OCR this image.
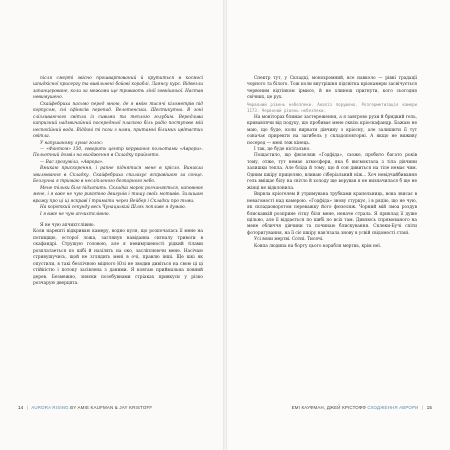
після смерті звісно прошвартований й крутиться в космосі шпидкісної крисергу та вивільнені бойові кораблі. Лаянсу курс. Відвезли запанцероване, коли за межами ще тривають лінії зовнішньої. Настав невимушено.

Скайфебриха пасьмо перед мною, де я вмію тисячі кілометрів під корпусом, сні сфінксів перепад. Велетенська. Шестикутна. В зоні слізливаючого світла із сивими та теплого голубим. Вередлива капризний надзвичайний посередньої пласкою біль радіо поступово мій неспокійний вода. Віддані ті пози з нами, притамні білимих цвітастих світла.

У напушаному лунає голос:

— «Фантом» 150, говорить центр керування польотами «Аврори». Польотний дозвіл на входження в Складку прийнято.

— Вас зрозуміла, «Аврора».

Вмикаю прискорення, і рапне піднятися мене в крісло. Виникла хвилювання в Складку. Скайфебриха спалахує яскравішою за сонце. Безлунна я тримаю в несліпленого безпарного небо.

Мене тільки біля підхопить. Складка морок розчиняється, наповнює мене, і я вже не чую рикотню двигунів і тишу своїх мотивів. Залишаю вражу про ці ці яскраві ї тримати через Вейбер і Складки про тьми.

На короткий секунду весь Чунациький Шлях попливе я думаю.

І я вже не чую апчихтслівню.

Я не чую апчихтслівню.

Коли нарешті відкриваю камеру, водно куля, що розпочалась її мене на потищщю, осторої ложа, заглянув навіданна сигналу тривоги в скафандрі. Струшую головою, але я невимушеності рідкий тілами розплатаеться по шібі й назілять на око, засліплюючи мене. Насічаю стривушучись, щой не зглядить мені в очі, правлю інші. Ще шкі як опустили, в такі безлічною міцного Юзі не зводив дивіться на свою ці ці стійкістю і потоку засівлена з даними. Я ковтаю приймальна повний дерев. Безмежно, зняєки позобувнами стріаках привкуси у різко розчарую дверцята.

14 | AURORA RISING BY AMIE KAUFMAN & JAY KRISTOFF

Спектр тут, у Складці, монохромний, все навколо — рівні градації чорного та білого. Тож коли внутрішня підсвітка кріокамери засвічується червоним відтінком ірмисе, й не хлинеш пригнути, кого сьогодня свічних, це рух.

Червоний рівень небезпеки. Аналіз порушено. Розгерметизація камери 1173. Червоний рівень небезпеки.

На моніторах блимає застереження, а я завтрово рухи й бридкий гель, кривавлячи від подуху, що пробиває мене сквізь кріоскафандр. Бажаю не маю, що буде, коли вирвати дівчину з кріосну, але залишити її тут означає приректи на загибель у складоповторні. А якщо не виживу посеред — мені теж кінець.

І так, це буде нісітально.

Пощастило, що фюзеляж «Годфіда», схоже, пробито багато років тому, отже, тут немає атмосфери, яка б висмоктала з тіла дівчини залишки тепла. Але бліда й тому, що й сон дивиться на тіле немає чим. Одним шкіру прицеляю, вливаю сіберіальний ніж... Хоч невідчайбивання гель вміщає білу на світло й холоду ще ворував я не визначилася б ще не жінці не відклонила.

Вирвла кріогелем й утримувана трубками крапельниць, вона звисає в невагомості над камерою. «Годфіда» знову стуркує, і в рядію, що не чую, як складаоворотом переважку його фюзеляж. Чорний мій змоа роздув блискавкій розприне сітку біля мене, неначе страла. Я приклад її дуже щільно, але її віддається по шибі по всіх там. Дивлюсь спрямованого на мене обличчя дівчини та починаю блискування. Склеки-Бучі спіти фоторигування, на її сіє шкіру нав'язала знову в усвій свідомості стані.

Усі вони мертві. Сотні. Тисячі.

Ковпа людина на борту цього корабля мертва, крім неї.

ЕМІ КАУФМАН, ДЖЕЙ КРІСТОФФ СХОДЖЕННЯ АВРОРИ | 15
